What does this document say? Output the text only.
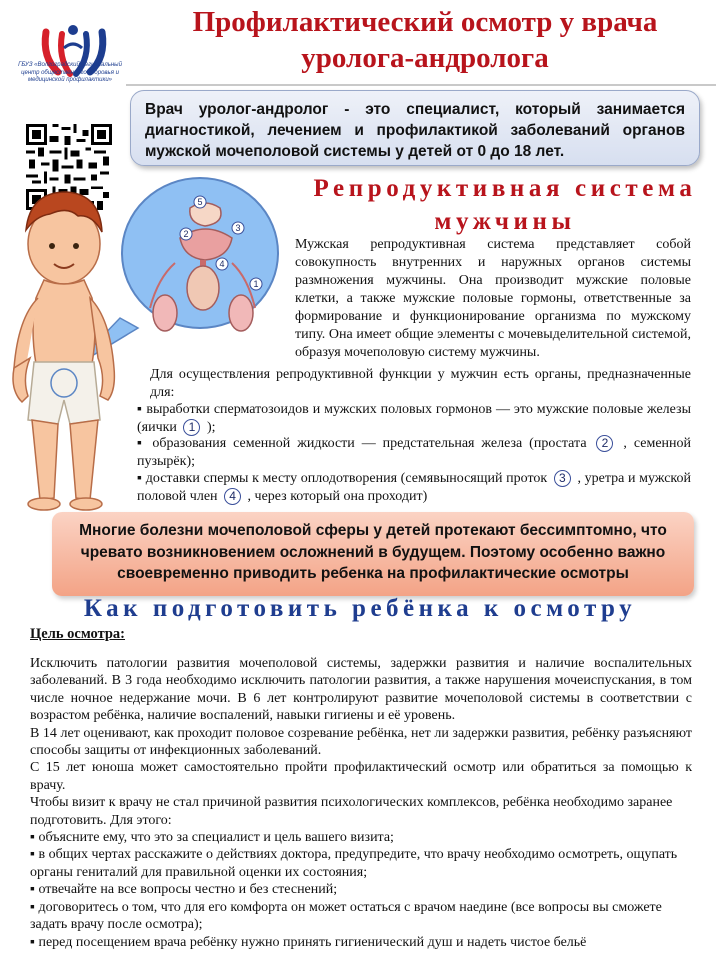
ГБУЗ «Волгоградский региональный центр общественного здоровья и медицинской профилактики»
Профилактический осмотр у врача уролога-андролога
Врач уролог-андролог - это специалист, который занимается диагностикой, лечением и профилактикой заболеваний органов мужской мочеполовой системы у детей от 0 до 18 лет.
5
2
3
4
1
Репродуктивная система мужчины
Мужская репродуктивная система представляет собой совокупность внутренних и наружных органов системы размножения мужчины. Она производит мужские половые клетки, а также мужские половые гормоны, ответственные за формирование и функционирование организма по мужскому типу. Она имеет общие элементы с мочевыделительной системой, образуя мочеполовую систему мужчины.
Для осуществления репродуктивной функции у мужчин есть органы, предназначенные для:
▪ выработки сперматозоидов и мужских половых гормонов — это мужские половые железы (яички 1 );
▪ образования семенной жидкости — предстательная железа (простата 2 , семенной пузырёк);
▪ доставки спермы к месту оплодотворения (семявыносящий проток 3 , уретра и мужской половой член 4 , через который она проходит)
Многие болезни мочеполовой сферы у детей протекают бессимптомно, что чревато возникновением осложнений в будущем. Поэтому особенно важно своевременно приводить ребенка на профилактические осмотры
Как подготовить ребёнка к осмотру
Цель осмотра:

Исключить патологии развития мочеполовой системы, задержки развития и наличие воспалительных заболеваний. В 3 года необходимо исключить патологии развития, а также нарушения мочеиспускания, в том числе ночное недержание мочи. В 6 лет контролируют развитие мочеполовой системы в соответствии с возрастом ребёнка, наличие воспалений, навыки гигиены и её уровень.

В 14 лет оценивают, как проходит половое созревание ребёнка, нет ли задержки развития, ребёнку разъясняют способы защиты от инфекционных заболеваний.

С 15 лет юноша может самостоятельно пройти профилактический осмотр или обратиться за помощью к врачу.

Чтобы визит к врачу не стал причиной развития психологических комплексов, ребёнка необходимо заранее подготовить. Для этого:

▪ объясните ему, что это за специалист и цель вашего визита;

▪ в общих чертах расскажите о действиях доктора, предупредите, что врачу необходимо осмотреть, ощупать органы гениталий для правильной оценки их состояния;

▪ отвечайте на все вопросы честно и без стеснений;

▪ договоритесь о том, что для его комфорта он может остаться с врачом наедине (все вопросы вы сможете задать врачу после осмотра);

▪ перед посещением врача ребёнку нужно принять гигиенический душ и надеть чистое бельё
